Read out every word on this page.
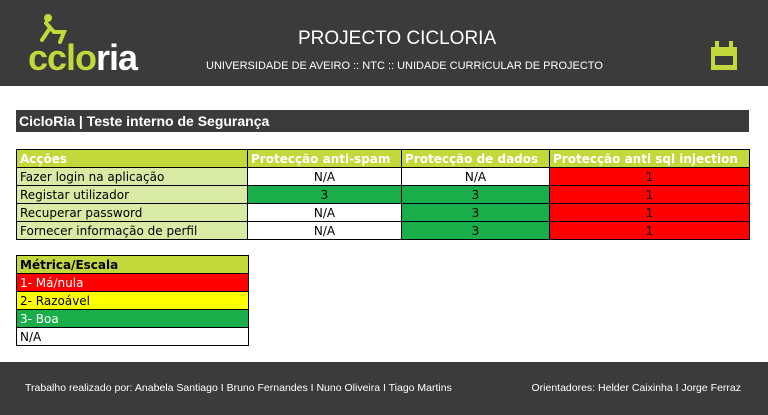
ccloria	PROJECTO CICLORIA
UNIVERSIDADE DE AVEIRO :: NTC :: UNIDADE CURRICULAR DE PROJECTO
CicloRia | Teste interno de Segurança
Acções	Protecção anti-spam	Protecção de dados	Protecção anti sql injection
Fazer login na aplicação	N/A	N/A	1
Registar utilizador	3	3	1
Recuperar password	N/A	3	1
Fornecer informação de perfil	N/A	3	1
Métrica/Escala
1- Má/nula
2- Razoável
3- Boa
N/A
Trabalho realizado por: Anabela Santiago I Bruno Fernandes I Nuno Oliveira I Tiago Martins	Orientadores: Helder Caixinha I Jorge Ferraz
